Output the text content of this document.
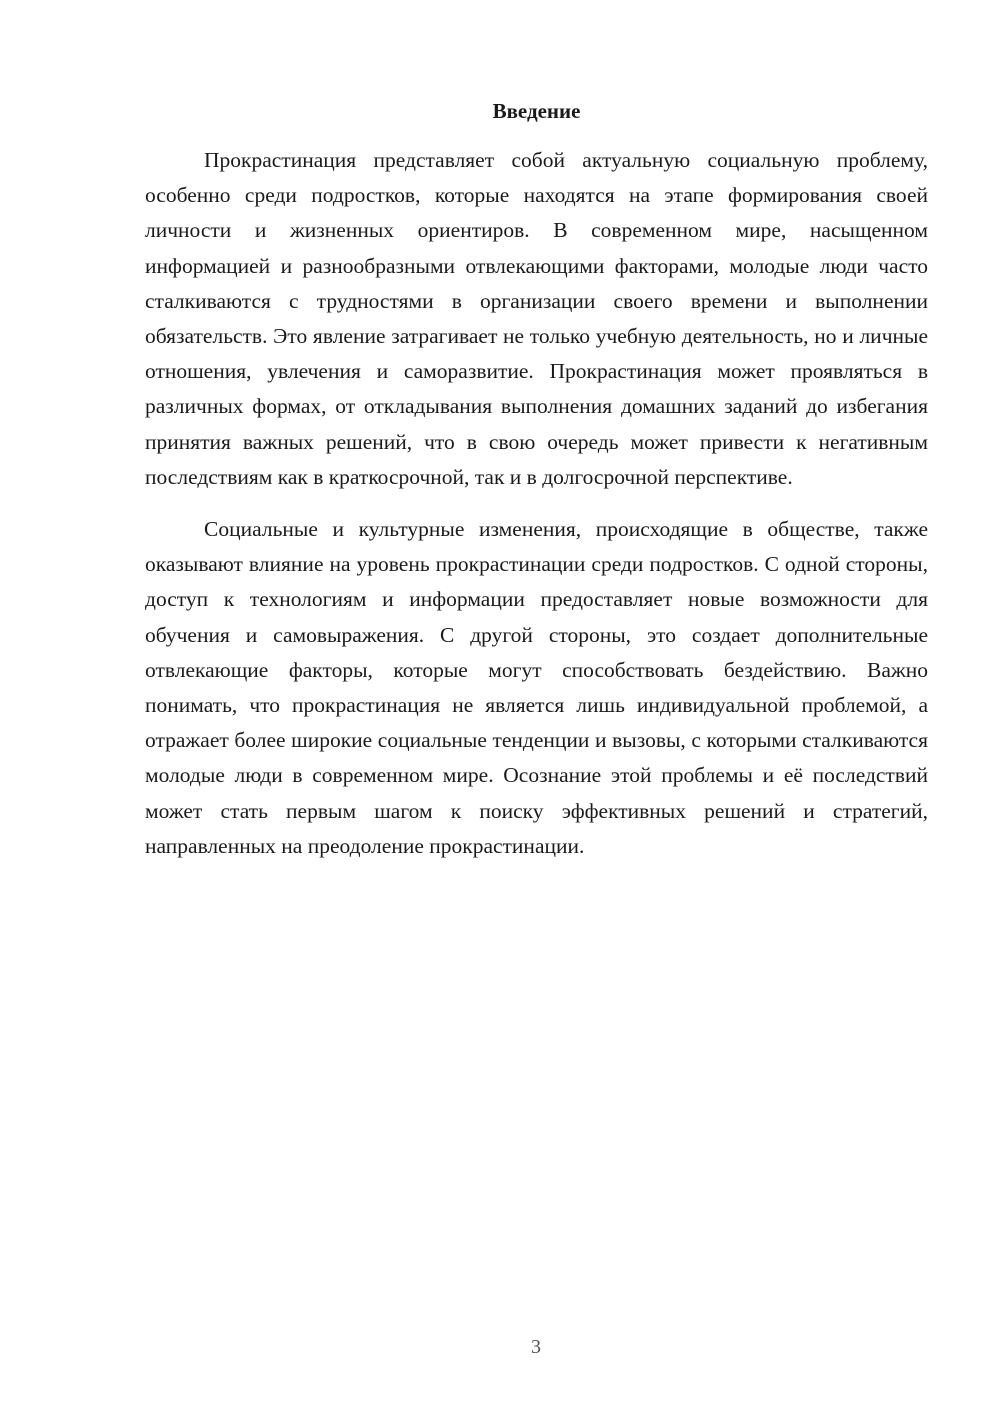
Введение

Прокрастинация представляет собой актуальную социальную проблему, особенно среди подростков, которые находятся на этапе формирования своей личности и жизненных ориентиров. В современном мире, насыщенном информацией и разнообразными отвлекающими факторами, молодые люди часто сталкиваются с трудностями в организации своего времени и выполнении обязательств. Это явление затрагивает не только учебную деятельность, но и личные отношения, увлечения и саморазвитие. Прокрастинация может проявляться в различных формах, от откладывания выполнения домашних заданий до избегания принятия важных решений, что в свою очередь может привести к негативным последствиям как в краткосрочной, так и в долгосрочной перспективе.

Социальные и культурные изменения, происходящие в обществе, также оказывают влияние на уровень прокрастинации среди подростков. С одной стороны, доступ к технологиям и информации предоставляет новые возможности для обучения и самовыражения. С другой стороны, это создает дополнительные отвлекающие факторы, которые могут способствовать бездействию. Важно понимать, что прокрастинация не является лишь индивидуальной проблемой, а отражает более широкие социальные тенденции и вызовы, с которыми сталкиваются молодые люди в современном мире. Осознание этой проблемы и её последствий может стать первым шагом к поиску эффективных решений и стратегий, направленных на преодоление прокрастинации.

3
